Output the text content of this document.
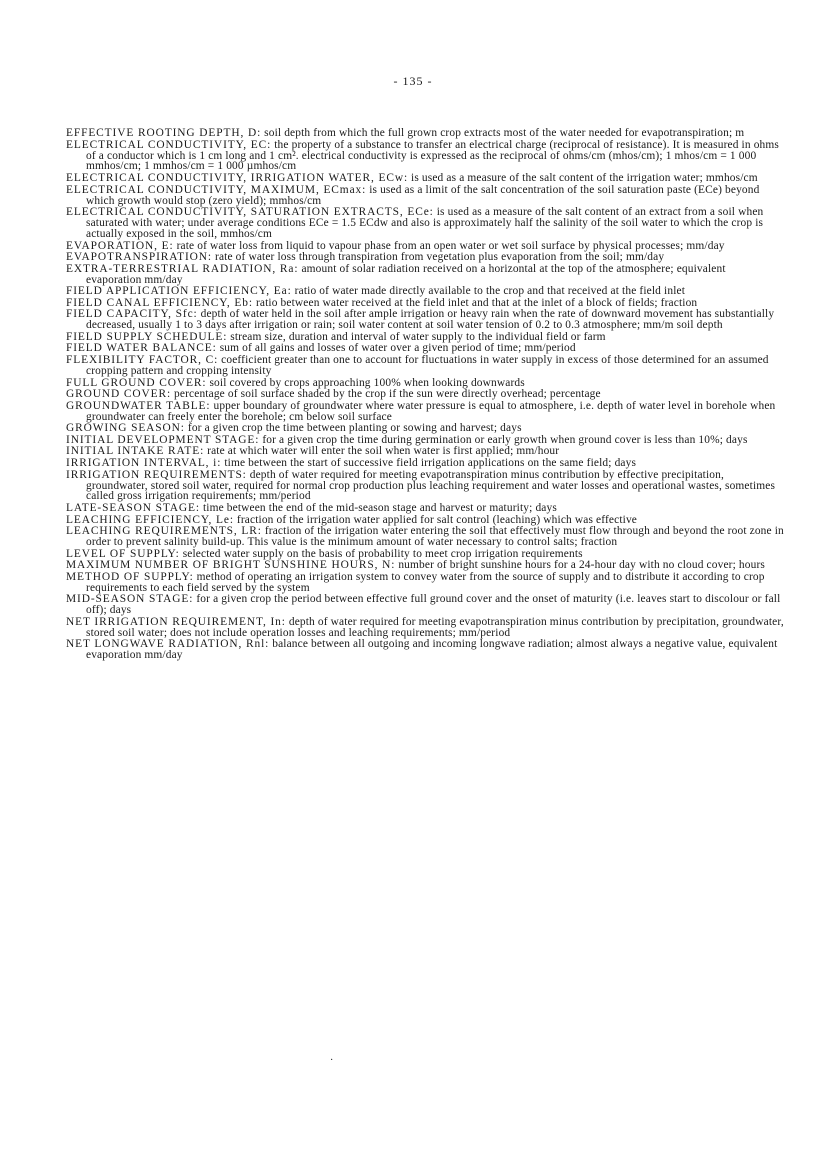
- 135 -

EFFECTIVE ROOTING DEPTH, D: soil depth from which the full grown crop extracts most of the water needed for evapotranspiration; m

ELECTRICAL CONDUCTIVITY, EC: the property of a substance to transfer an electrical charge (reciprocal of resistance). It is measured in ohms of a conductor which is 1 cm long and 1 cm². electrical conductivity is expressed as the reciprocal of ohms/cm (mhos/cm); 1 mhos/cm = 1 000 mmhos/cm; 1 mmhos/cm = 1 000 µmhos/cm

ELECTRICAL CONDUCTIVITY, IRRIGATION WATER, ECw: is used as a measure of the salt content of the irrigation water; mmhos/cm

ELECTRICAL CONDUCTIVITY, MAXIMUM, ECmax: is used as a limit of the salt concentration of the soil saturation paste (ECe) beyond which growth would stop (zero yield); mmhos/cm

ELECTRICAL CONDUCTIVITY, SATURATION EXTRACTS, ECe: is used as a measure of the salt content of an extract from a soil when saturated with water; under average conditions ECe = 1.5 ECdw and also is approximately half the salinity of the soil water to which the crop is actually exposed in the soil, mmhos/cm

EVAPORATION, E: rate of water loss from liquid to vapour phase from an open water or wet soil surface by physical processes; mm/day

EVAPOTRANSPIRATION: rate of water loss through transpiration from vegetation plus evaporation from the soil; mm/day

EXTRA-TERRESTRIAL RADIATION, Ra: amount of solar radiation received on a horizontal at the top of the atmosphere; equivalent evaporation mm/day

FIELD APPLICATION EFFICIENCY, Ea: ratio of water made directly available to the crop and that received at the field inlet

FIELD CANAL EFFICIENCY, Eb: ratio between water received at the field inlet and that at the inlet of a block of fields; fraction

FIELD CAPACITY, Sfc: depth of water held in the soil after ample irrigation or heavy rain when the rate of downward movement has substantially decreased, usually 1 to 3 days after irrigation or rain; soil water content at soil water tension of 0.2 to 0.3 atmosphere; mm/m soil depth

FIELD SUPPLY SCHEDULE: stream size, duration and interval of water supply to the individual field or farm

FIELD WATER BALANCE: sum of all gains and losses of water over a given period of time; mm/period

FLEXIBILITY FACTOR, C: coefficient greater than one to account for fluctuations in water supply in excess of those determined for an assumed cropping pattern and cropping intensity

FULL GROUND COVER: soil covered by crops approaching 100% when looking downwards

GROUND COVER: percentage of soil surface shaded by the crop if the sun were directly overhead; percentage

GROUNDWATER TABLE: upper boundary of groundwater where water pressure is equal to atmosphere, i.e. depth of water level in borehole when groundwater can freely enter the borehole; cm below soil surface

GROWING SEASON: for a given crop the time between planting or sowing and harvest; days

INITIAL DEVELOPMENT STAGE: for a given crop the time during germination or early growth when ground cover is less than 10%; days

INITIAL INTAKE RATE: rate at which water will enter the soil when water is first applied; mm/hour

IRRIGATION INTERVAL, i: time between the start of successive field irrigation applications on the same field; days

IRRIGATION REQUIREMENTS: depth of water required for meeting evapotranspiration minus contribution by effective precipitation, groundwater, stored soil water, required for normal crop production plus leaching requirement and water losses and operational wastes, sometimes called gross irrigation requirements; mm/period

LATE-SEASON STAGE: time between the end of the mid-season stage and harvest or maturity; days

LEACHING EFFICIENCY, Le: fraction of the irrigation water applied for salt control (leaching) which was effective

LEACHING REQUIREMENTS, LR: fraction of the irrigation water entering the soil that effectively must flow through and beyond the root zone in order to prevent salinity build-up. This value is the minimum amount of water necessary to control salts; fraction

LEVEL OF SUPPLY: selected water supply on the basis of probability to meet crop irrigation requirements

MAXIMUM NUMBER OF BRIGHT SUNSHINE HOURS, N: number of bright sunshine hours for a 24-hour day with no cloud cover; hours

METHOD OF SUPPLY: method of operating an irrigation system to convey water from the source of supply and to distribute it according to crop requirements to each field served by the system

MID-SEASON STAGE: for a given crop the period between effective full ground cover and the onset of maturity (i.e. leaves start to discolour or fall off); days

NET IRRIGATION REQUIREMENT, In: depth of water required for meeting evapotranspiration minus contribution by precipitation, groundwater, stored soil water; does not include operation losses and leaching requirements; mm/period

NET LONGWAVE RADIATION, Rnl: balance between all outgoing and incoming longwave radiation; almost always a negative value, equivalent evaporation mm/day

·
